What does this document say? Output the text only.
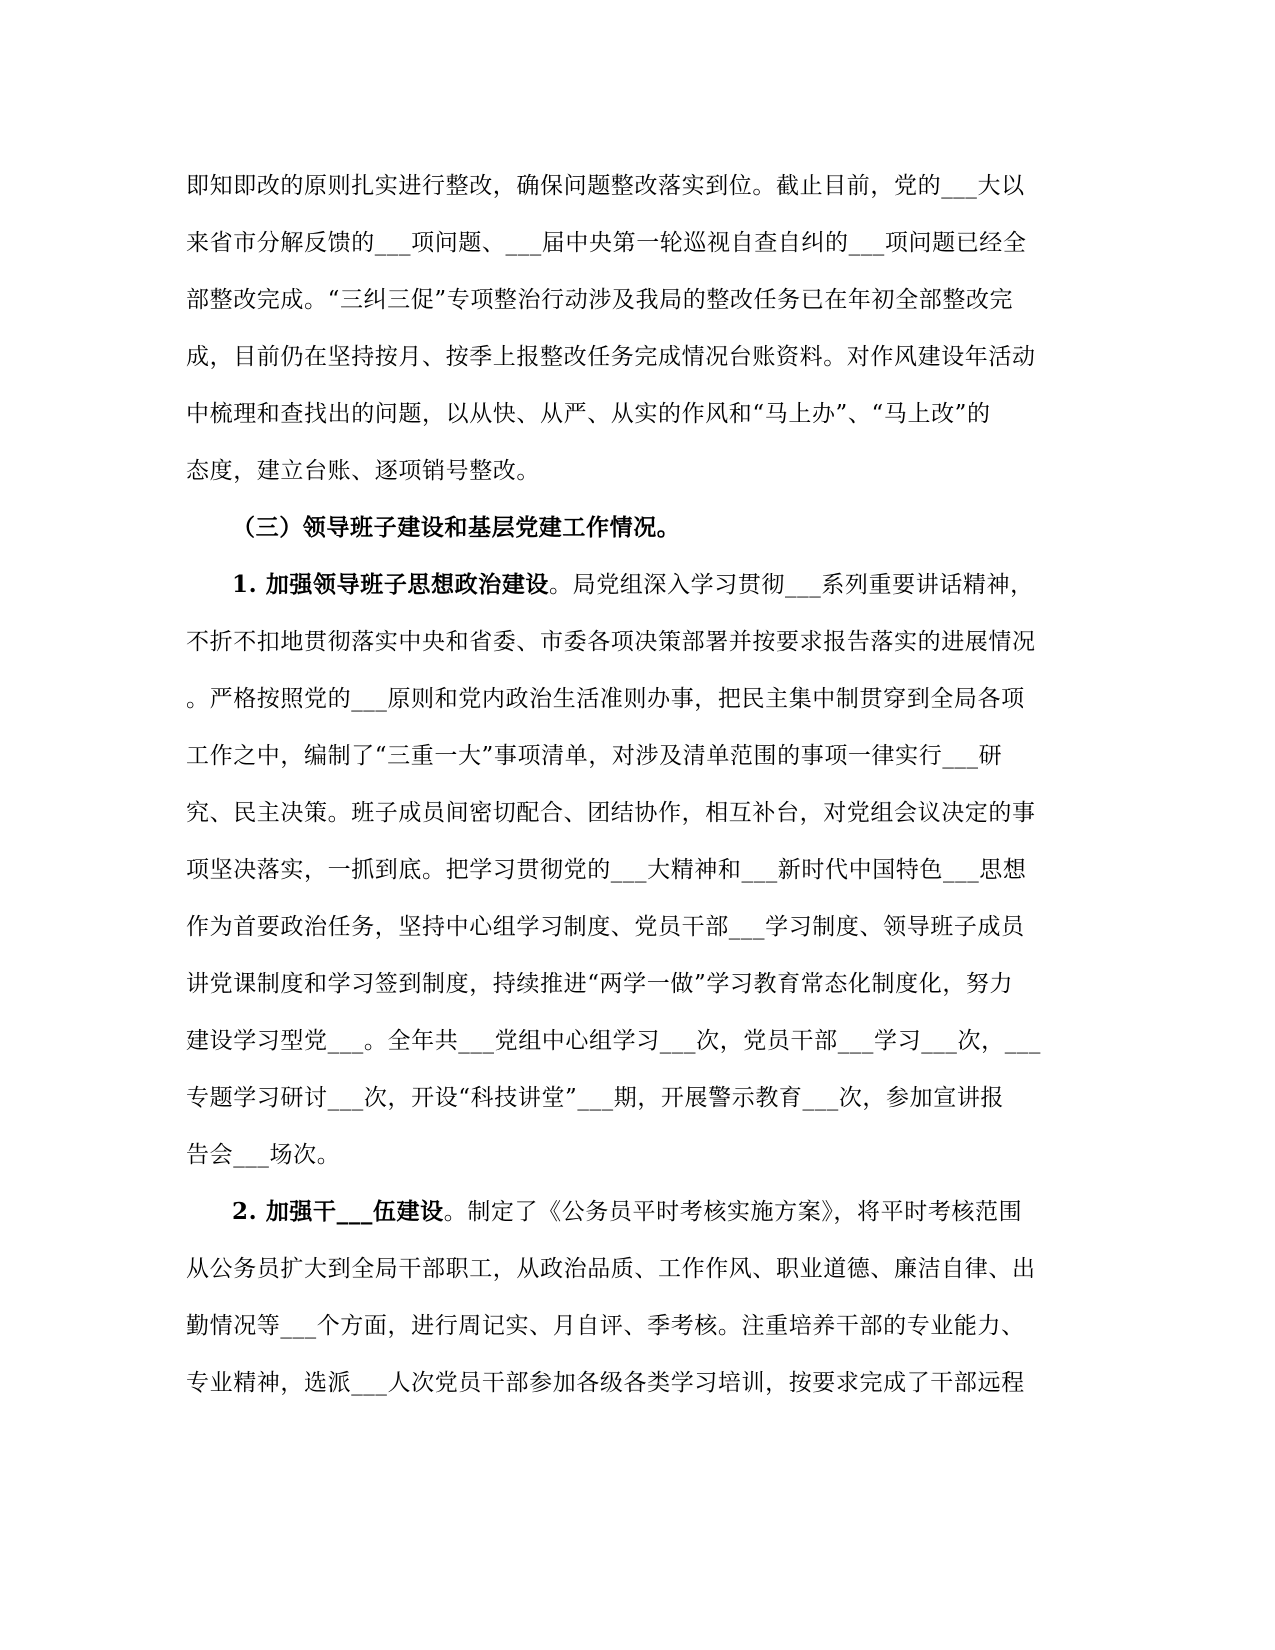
即知即改的原则扎实进行整改，确保问题整改落实到位。截止目前，党的___大以
来省市分解反馈的___项问题、___届中央第一轮巡视自查自纠的___项问题已经全
部整改完成。“三纠三促”专项整治行动涉及我局的整改任务已在年初全部整改完
成，目前仍在坚持按月、按季上报整改任务完成情况台账资料。对作风建设年活动
中梳理和查找出的问题，以从快、从严、从实的作风和“马上办”、“马上改”的
态度，建立台账、逐项销号整改。
（三）领导班子建设和基层党建工作情况。
1. 加强领导班子思想政治建设。局党组深入学习贯彻___系列重要讲话精神，
不折不扣地贯彻落实中央和省委、市委各项决策部署并按要求报告落实的进展情况
。严格按照党的___原则和党内政治生活准则办事，把民主集中制贯穿到全局各项
工作之中，编制了“三重一大”事项清单，对涉及清单范围的事项一律实行___研
究、民主决策。班子成员间密切配合、团结协作，相互补台，对党组会议决定的事
项坚决落实，一抓到底。把学习贯彻党的___大精神和___新时代中国特色___思想
作为首要政治任务，坚持中心组学习制度、党员干部___学习制度、领导班子成员
讲党课制度和学习签到制度，持续推进“两学一做”学习教育常态化制度化，努力
建设学习型党___。全年共___党组中心组学习___次，党员干部___学习___次，___
专题学习研讨___次，开设“科技讲堂”___期，开展警示教育___次，参加宣讲报
告会___场次。
2. 加强干___伍建设。制定了《公务员平时考核实施方案》，将平时考核范围
从公务员扩大到全局干部职工，从政治品质、工作作风、职业道德、廉洁自律、出
勤情况等___个方面，进行周记实、月自评、季考核。注重培养干部的专业能力、
专业精神，选派___人次党员干部参加各级各类学习培训，按要求完成了干部远程
